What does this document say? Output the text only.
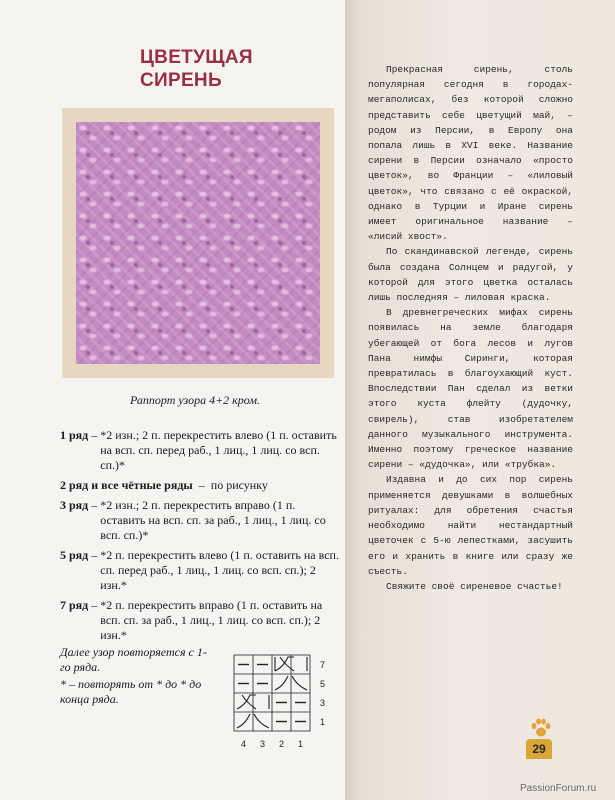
ЦВЕТУЩАЯ
СИРЕНЬ
Раппорт узора 4+2 кром.
1 ряд – *2 изн.; 2 п. перекрестить влево (1 п. оставить на всп. сп. перед раб., 1 лиц., 1 лиц. со всп. сп.)*
2 ряд и все чётные ряды  –  по рисунку
3 ряд – *2 изн.; 2 п. перекрестить вправо (1 п. оставить на всп. сп. за раб., 1 лиц., 1 лиц. со всп. сп.)*
5 ряд – *2 п. перекрестить влево (1 п. оставить на всп. сп. перед раб., 1 лиц., 1 лиц. со всп. сп.); 2 изн.*
7 ряд – *2 п. перекрестить вправо (1 п. оставить на всп. сп. за раб., 1 лиц., 1 лиц. со всп. сп.); 2 изн.*

Далее узор повторяется с 1-го ряда.

* – повторять от * до * до конца ряда.

7
5
3
1
4 3 2 1

Прекрасная сирень, столь популярная сегодня в городах-мегаполисах, без которой сложно представить себе цветущий май, – родом из Персии, в Европу она попала лишь в XVI веке. Название сирени в Персии означало «просто цветок», во Франции – «лиловый цветок», что связано с её окраской, однако в Турции и Иране сирень имеет оригинальное название – «лисий хвост».

По скандинавской легенде, сирень была создана Солнцем и радугой, у которой для этого цветка осталась лишь последняя – лиловая краска.

В древнегреческих мифах сирень появилась на земле благодаря убегающей от бога лесов и лугов Пана нимфы Сиринги, которая превратилась в благоухающий куст. Впоследствии Пан сделал из ветки этого куста флейту (дудочку, свирель), став изобретателем данного музыкального инструмента. Именно поэтому греческое название сирени – «дудочка», или «трубка».

Издавна и до сих пор сирень применяется девушками в волшебных ритуалах: для обретения счастья необходимо найти нестандартный цветочек с 5-ю лепестками, засушить его и хранить в книге или сразу же съесть.

Свяжите своё сиреневое счастье!

29
PassionForum.ru
